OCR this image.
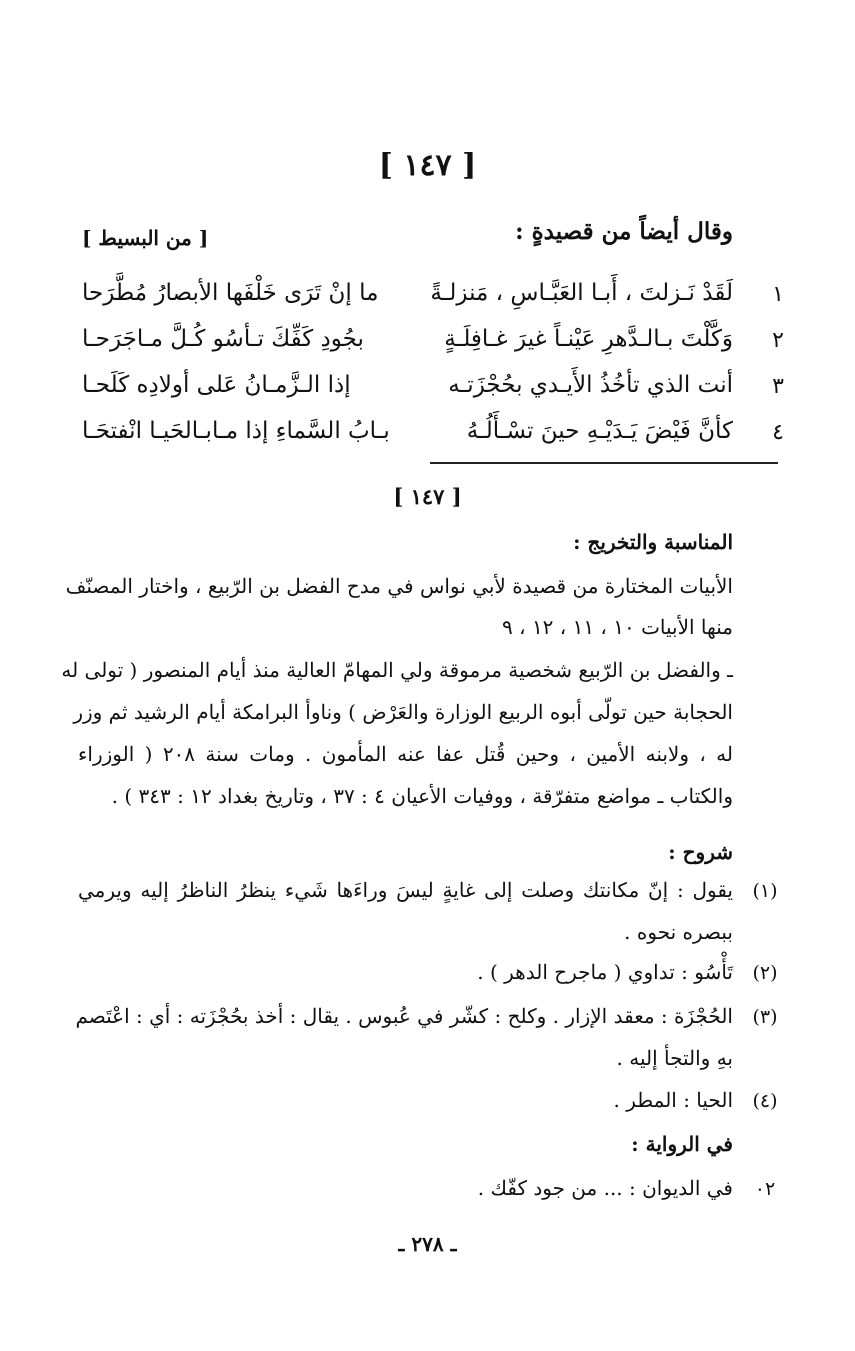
[ ١٤٧ ]
وقال أيضاً من قصيدةٍ :
[ من البسيط ]
١
لَقَدْ نَـزلتَ ، أَبـا العَبَّـاسِ ، مَنزلـةً
ما إنْ تَرَى خَلْفَها الأبصارُ مُطَّرَحا
٢
وَكَّلْتَ بـالـدَّهرِ عَيْنـاً غيرَ غـافِلَـةٍ
بجُودِ كَفِّكَ تـأسُو كُـلَّ مـاجَرَحـا
٣
أنت الذي تأخُذُ الأَيـدي بحُجْزَتـه
إذا الـزَّمـانُ عَلى أولادِه كَلَحـا
٤
كأنَّ فَيْضَ يَـدَيْـهِ حينَ تسْـأَلُـهُ
بـابُ السَّماءِ إذا مـابـالحَيـا انْفتحَـا
[ ١٤٧ ]
المناسبة والتخريج :
الأبيات المختارة من قصيدة لأبي نواس في مدح الفضل بن الرّبيع ، واختار المصنّف
منها الأبيات ١٠ ، ١١ ، ١٢ ، ٩
ـ والفضل بن الرّبيع شخصية مرموقة ولي المهامّ العالية منذ أيام المنصور ( تولى له
الحجابة حين تولّى أبوه الربيع الوزارة والعَرْض ) وناوأ البرامكة أيام الرشيد ثم وزر
له ، ولابنه الأمين ، وحين قُتل عفا عنه المأمون . ومات سنة ٢٠٨ ( الوزراء
والكتاب ـ مواضع متفرّقة ، ووفيات الأعيان ٤ : ٣٧ ، وتاريخ بغداد ١٢ : ٣٤٣ ) .
شروح :
(١)
يقول : إنّ مكانتك وصلت إلى غايةٍ ليسَ وراءَها شَيء ينظرُ الناظرُ إليه ويرمي
ببصره نحوه .
(٢)
تَأْسُو : تداوي ( ماجرح الدهر ) .
(٣)
الحُجْزَة : معقد الإزار . وكلح : كشّر في عُبوس . يقال : أخذ بحُجْزَته : أي : اعْتَصم
بهِ والتجأ إليه .
(٤)
الحيا : المطر .
في الرواية :
٠٢
في الديوان : ... من جود كفّك .
ـ ٢٧٨ ـ
